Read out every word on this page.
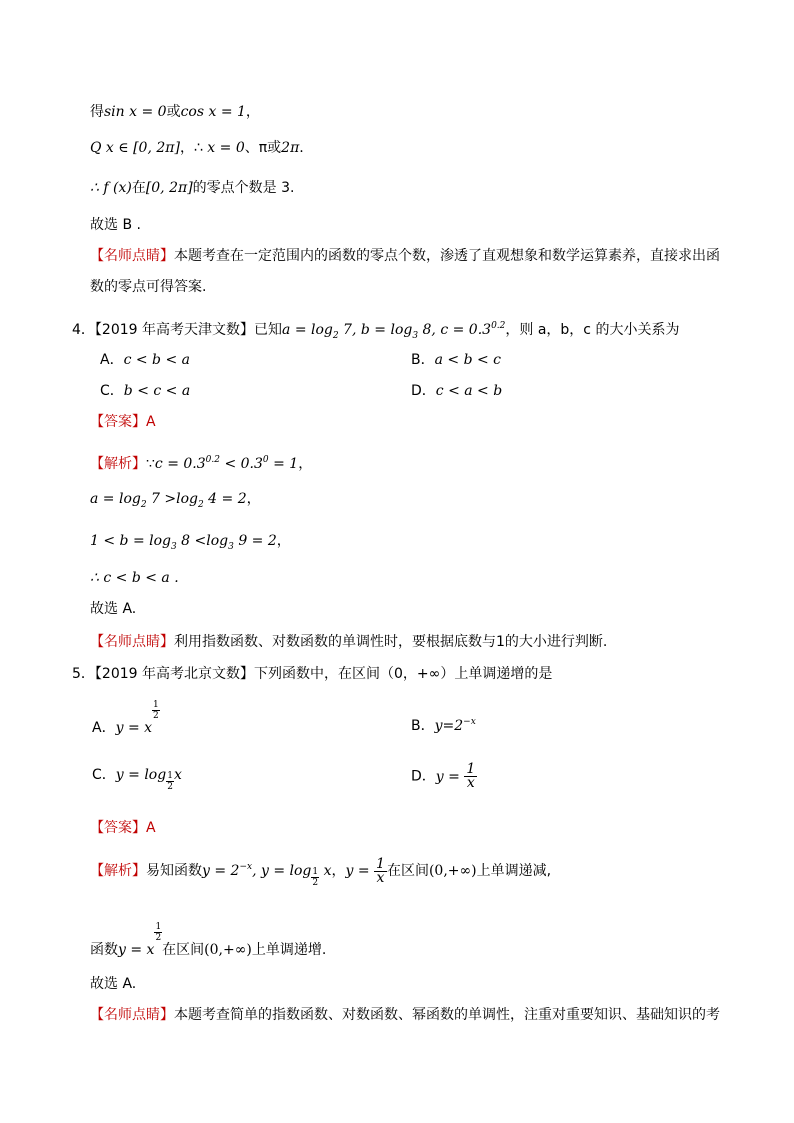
得sin x = 0或cos x = 1，
Q x ∈ [0, 2π]，∴ x = 0、π或2π.
∴ f (x)在[0, 2π]的零点个数是 3.
故选 B .
【名师点睛】本题考查在一定范围内的函数的零点个数，渗透了直观想象和数学运算素养，直接求出函
数的零点可得答案.
4．【2019 年高考天津文数】已知$a = \log_2 7$, $b = \log_3 8$, $c = 0.3^{0.2}$，则 a，b，c 的大小关系为
A．c < b < a	B．a < b < c
C．b < c < a	D．c < a < b
【答案】A
【解析】∵c = $0.3^{0.2} < 0.3^0 = 1$，
$a = \log_2 7 >\log_2$ 4 = 2，
$1 < b = \log_3 8 <\log_3$ 9 = 2，
∴ c < b < a .
故选 A.
【名师点睛】利用指数函数、对数函数的单调性时，要根据底数与1的大小进行判断.
5．【2019 年高考北京文数】下列函数中，在区间（0，+∞）上单调递增的是
A．y = x
$\frac{1}{2}$
B．$y=2^{-x}$
C．$y = \log \frac{1}{2}$ x	D．$y = \frac{1}{x}$
【答案】A
【解析】易知函数$y = 2^{-x}$, $y = \log \frac{1}{2}$ x，$y = \frac{1}{x}$ 在区间(0,+∞)上单调递减,
函数y = x
$\frac{1}{2}$
在区间(0,+∞)上单调递增.
故选 A.
【名师点睛】本题考查简单的指数函数、对数函数、幂函数的单调性，注重对重要知识、基础知识的考
